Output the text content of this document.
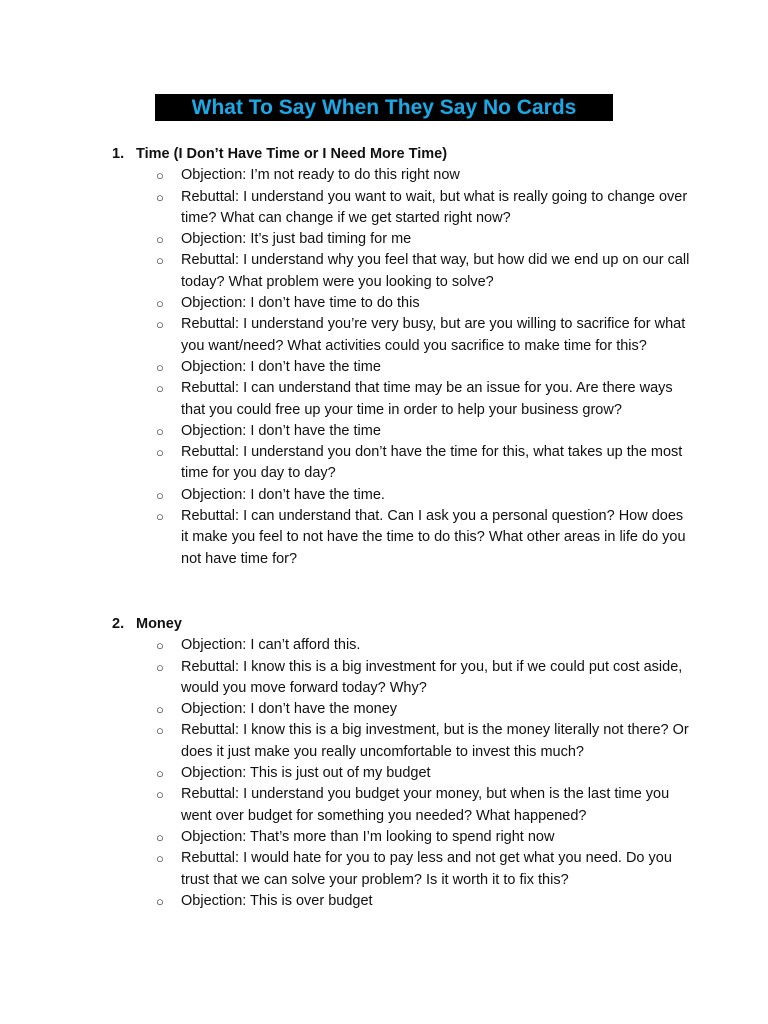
What To Say When They Say No Cards
1. Time (I Don’t Have Time or I Need More Time)
○ Objection: I’m not ready to do this right now
○ Rebuttal: I understand you want to wait, but what is really going to change over time? What can change if we get started right now?
○ Objection: It’s just bad timing for me
○ Rebuttal: I understand why you feel that way, but how did we end up on our call today? What problem were you looking to solve?
○ Objection: I don’t have time to do this
○ Rebuttal: I understand you’re very busy, but are you willing to sacrifice for what you want/need? What activities could you sacrifice to make time for this?
○ Objection: I don’t have the time
○ Rebuttal: I can understand that time may be an issue for you. Are there ways that you could free up your time in order to help your business grow?
○ Objection: I don’t have the time
○ Rebuttal: I understand you don’t have the time for this, what takes up the most time for you day to day?
○ Objection: I don’t have the time.
○ Rebuttal: I can understand that. Can I ask you a personal question? How does it make you feel to not have the time to do this? What other areas in life do you not have time for?
2. Money
○ Objection: I can’t afford this.
○ Rebuttal: I know this is a big investment for you, but if we could put cost aside, would you move forward today? Why?
○ Objection: I don’t have the money
○ Rebuttal: I know this is a big investment, but is the money literally not there? Or does it just make you really uncomfortable to invest this much?
○ Objection: This is just out of my budget
○ Rebuttal: I understand you budget your money, but when is the last time you went over budget for something you needed? What happened?
○ Objection: That’s more than I’m looking to spend right now
○ Rebuttal: I would hate for you to pay less and not get what you need. Do you trust that we can solve your problem? Is it worth it to fix this?
○ Objection: This is over budget
